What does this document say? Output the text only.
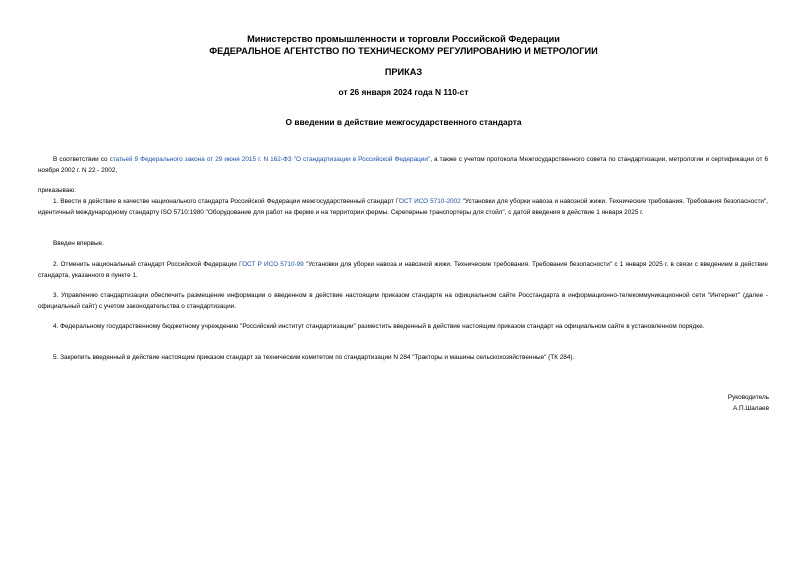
Министерство промышленности и торговли Российской Федерации
ФЕДЕРАЛЬНОЕ АГЕНТСТВО ПО ТЕХНИЧЕСКОМУ РЕГУЛИРОВАНИЮ И МЕТРОЛОГИИ
ПРИКАЗ
от 26 января 2024 года N 110-ст
О введении в действие межгосударственного стандарта

В соответствии со статьей 9 Федерального закона от 29 июня 2015 г. N 162-ФЗ "О стандартизации в Российской Федерации", а также с учетом протокола Межгосударственного совета по стандартизации, метрологии и сертификации от 6 ноября 2002 г. N 22 - 2002,

приказываю:

1. Ввести в действие в качестве национального стандарта Российской Федерации межгосударственный стандарт ГОСТ ИСО 5710-2002 "Установки для уборки навоза и навозной жижи. Технические требования. Требования безопасности", идентичный международному стандарту ISO 5710:1980 "Оборудование для работ на ферме и на территории фермы. Скреперные транспортеры для стойл", с датой введения в действие 1 января 2025 г.

Введен впервые.

2. Отменить национальный стандарт Российской Федерации ГОСТ Р ИСО 5710-99 "Установки для уборки навоза и навозной жижи. Технические требования. Требования безопасности" с 1 января 2025 г. в связи с введением в действие стандарта, указанного в пункте 1.

3. Управлению стандартизации обеспечить размещение информации о введенном в действие настоящим приказом стандарте на официальном сайте Росстандарта в информационно-телекоммуникационной сети "Интернет" (далее - официальный сайт) с учетом законодательства о стандартизации.

4. Федеральному государственному бюджетному учреждению "Российский институт стандартизации" разместить введенный в действие настоящим приказом стандарт на официальном сайте в установленном порядке.

5. Закрепить введенный в действие настоящим приказом стандарт за техническим комитетом по стандартизации N 284 "Тракторы и машины сельскохозяйственные" (ТК 284).

Руководитель
А.П.Шалаев
